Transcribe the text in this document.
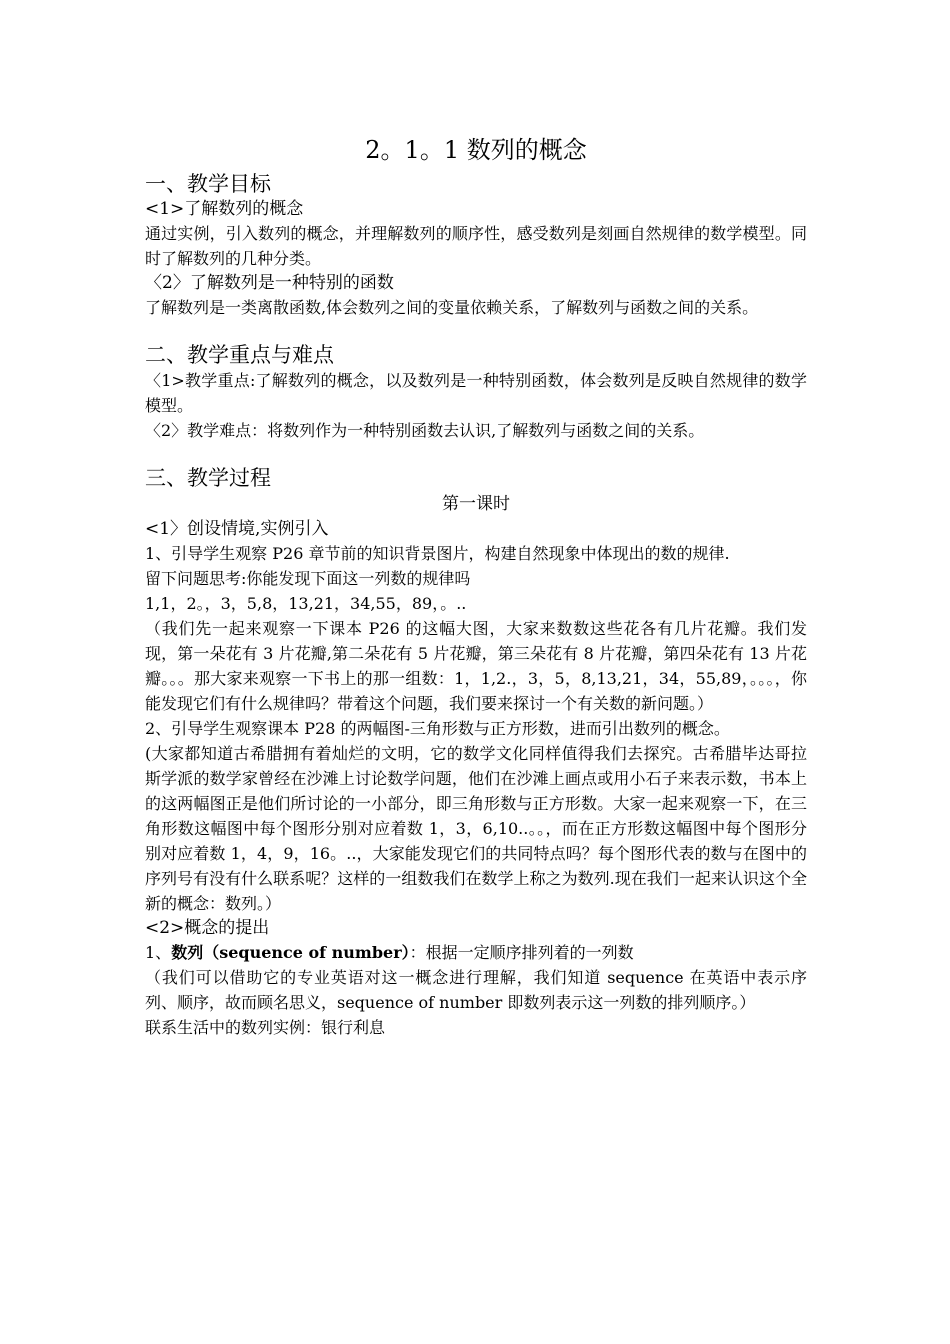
2。1。1 数列的概念
一、教学目标
<1>了解数列的概念
通过实例，引入数列的概念，并理解数列的顺序性，感受数列是刻画自然规律的数学模型。同时了解数列的几种分类。
〈2〉了解数列是一种特别的函数
了解数列是一类离散函数,体会数列之间的变量依赖关系，了解数列与函数之间的关系。
二、教学重点与难点
〈1>教学重点:了解数列的概念，以及数列是一种特别函数，体会数列是反映自然规律的数学模型。
〈2〉教学难点：将数列作为一种特别函数去认识,了解数列与函数之间的关系。
三、教学过程
第一课时
<1〉创设情境,实例引入
1、引导学生观察 P26 章节前的知识背景图片，构建自然现象中体现出的数的规律.
留下问题思考:你能发现下面这一列数的规律吗
1,1，2。，3，5,8，13,21，34,55，89，。..
（我们先一起来观察一下课本 P26 的这幅大图，大家来数数这些花各有几片花瓣。我们发现，第一朵花有 3 片花瓣,第二朵花有 5 片花瓣，第三朵花有 8 片花瓣，第四朵花有 13 片花瓣。。。那大家来观察一下书上的那一组数：1，1,2.，3，5，8,13,21，34，55,89，。。。，你能发现它们有什么规律吗？带着这个问题，我们要来探讨一个有关数的新问题。）
2、引导学生观察课本 P28 的两幅图-三角形数与正方形数，进而引出数列的概念。
(大家都知道古希腊拥有着灿烂的文明，它的数学文化同样值得我们去探究。古希腊毕达哥拉斯学派的数学家曾经在沙滩上讨论数学问题，他们在沙滩上画点或用小石子来表示数，书本上的这两幅图正是他们所讨论的一小部分，即三角形数与正方形数。大家一起来观察一下，在三角形数这幅图中每个图形分别对应着数 1，3，6,10..。。，而在正方形数这幅图中每个图形分别对应着数 1，4，9，16。..，大家能发现它们的共同特点吗？每个图形代表的数与在图中的序列号有没有什么联系呢？这样的一组数我们在数学上称之为数列.现在我们一起来认识这个全新的概念：数列。）
<2>概念的提出
1、数列（sequence of number）：根据一定顺序排列着的一列数
（我们可以借助它的专业英语对这一概念进行理解，我们知道 sequence 在英语中表示序列、顺序，故而顾名思义，sequence of number 即数列表示这一列数的排列顺序。）
联系生活中的数列实例：银行利息
